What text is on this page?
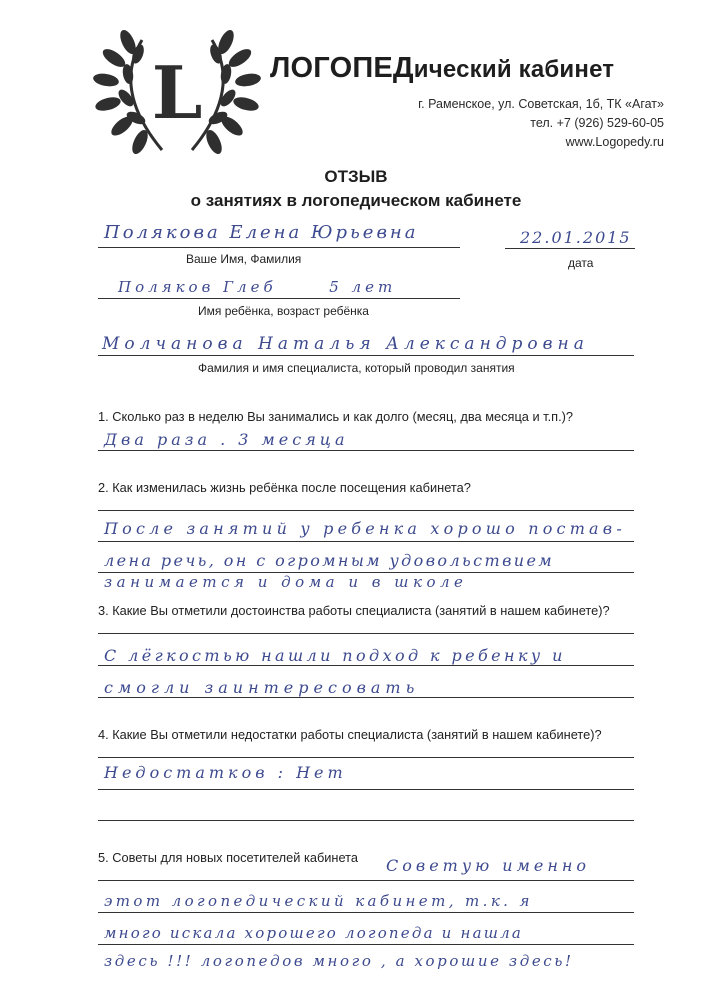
L ЛОГОПЕДический кабинет
г. Раменское, ул. Советская, 1б, ТК «Агат»
тел. +7 (926) 529-60-05
www.Logopedy.ru
ОТЗЫВ
о занятиях в логопедическом кабинете
Полякова Елена Юрьевна
Ваше Имя, Фамилия
22.01.2015
дата
Поляков Глеб      5 лет
Имя ребёнка, возраст ребёнка
Молчанова Наталья Александровна
Фамилия и имя специалиста, который проводил занятия
1. Сколько раз в неделю Вы занимались и как долго (месяц, два месяца и т.п.)?
Два раза . 3 месяца
2. Как изменилась жизнь ребёнка после посещения кабинета?
После занятий у ребенка хорошо постав-
лена речь, он с огромным удовольствием
занимается и дома и в школе
3. Какие Вы отметили достоинства работы специалиста (занятий в нашем кабинете)?
С лёгкостью нашли подход к ребенку и
смогли заинтересовать
4. Какие Вы отметили недостатки работы специалиста (занятий в нашем кабинете)?
Недостатков : Нет
5. Советы для новых посетителей кабинета Советую именно
этот логопедический кабинет, т.к. я
много искала хорошего логопеда и нашла
здесь !!! логопедов много , а хорошие здесь!
